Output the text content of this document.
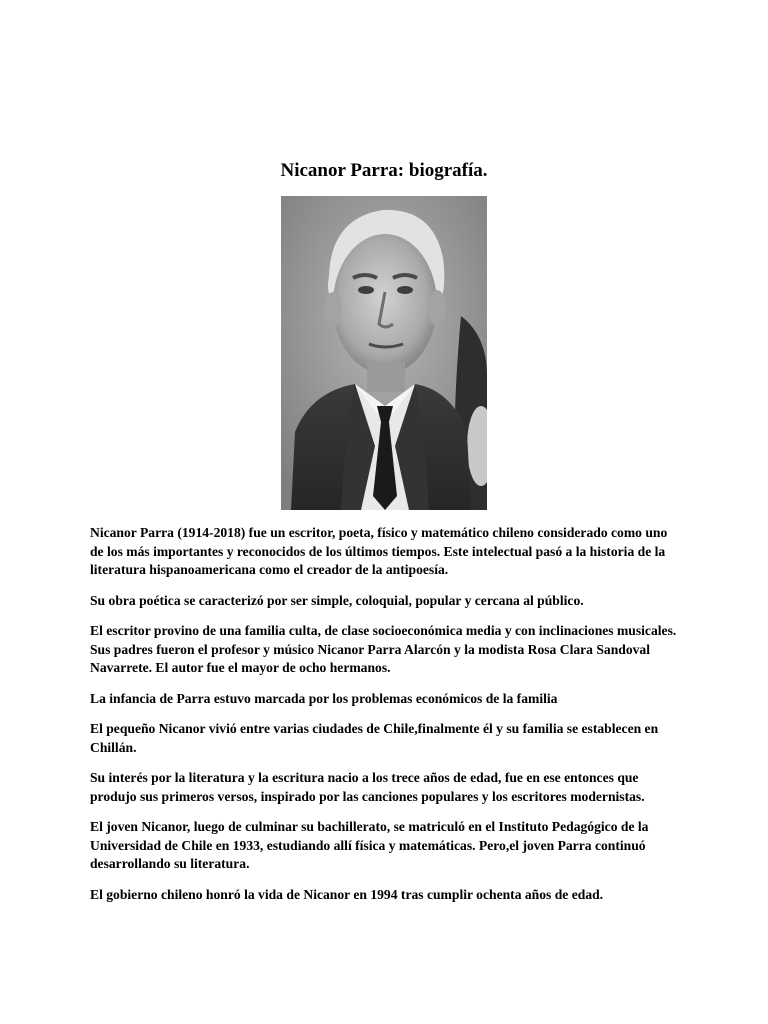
Nicanor Parra: biografía.

Nicanor Parra (1914-2018) fue un escritor, poeta, físico y matemático chileno considerado como uno de los más importantes y reconocidos de los últimos tiempos. Este intelectual pasó a la historia de la literatura hispanoamericana como el creador de la antipoesía.

Su obra poética se caracterizó por ser simple, coloquial, popular y cercana al público.

El escritor provino de una familia culta, de clase socioeconómica media y con inclinaciones musicales. Sus padres fueron el profesor y músico Nicanor Parra Alarcón y la modista Rosa Clara Sandoval Navarrete. El autor fue el mayor de ocho hermanos.

La infancia de Parra estuvo marcada por los problemas económicos de la familia

El pequeño Nicanor vivió entre varias ciudades de Chile,finalmente él y su familia se establecen en Chillán.

Su interés por la literatura y la escritura nacio a los trece años de edad, fue en ese entonces que produjo sus primeros versos, inspirado por las canciones populares y los escritores modernistas.

El joven Nicanor, luego de culminar su bachillerato, se matriculó en el Instituto Pedagógico de la Universidad de Chile en 1933, estudiando allí física y matemáticas. Pero,el joven Parra continuó desarrollando su literatura.

El gobierno chileno honró la vida de Nicanor en 1994 tras cumplir ochenta años de edad.
